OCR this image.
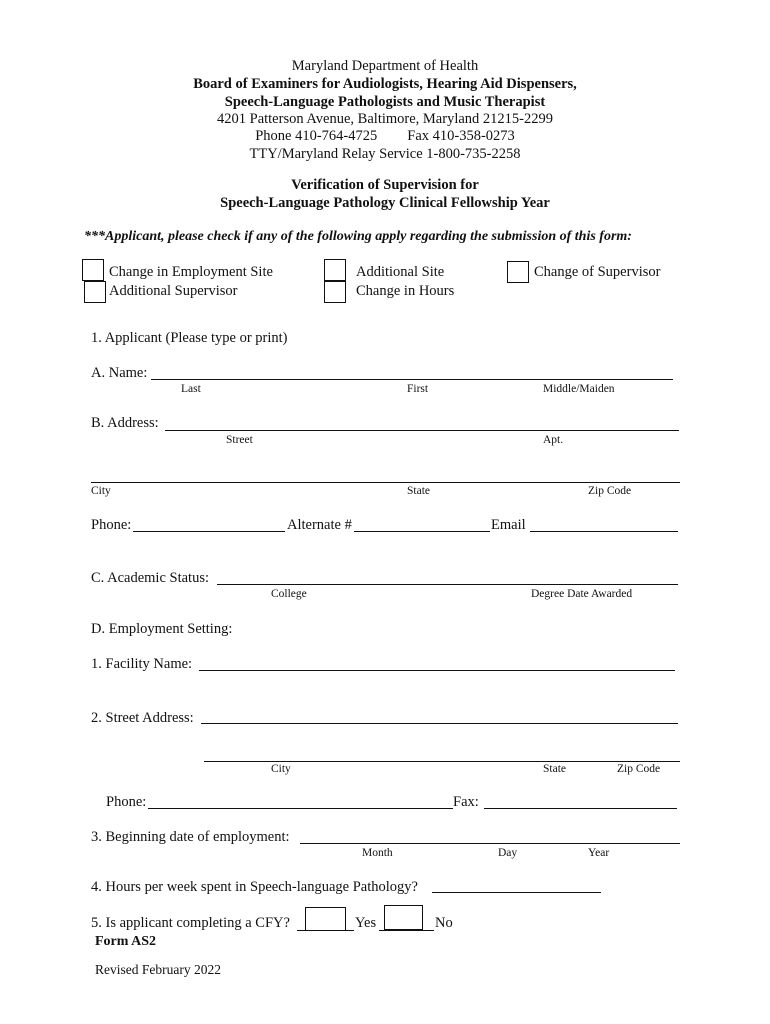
Maryland Department of Health
Board of Examiners for Audiologists, Hearing Aid Dispensers,
Speech-Language Pathologists and Music Therapist
4201 Patterson Avenue, Baltimore, Maryland 21215-2299
Phone 410-764-4725 Fax 410-358-0273
TTY/Maryland Relay Service 1-800-735-2258
Verification of Supervision for
Speech-Language Pathology Clinical Fellowship Year
***Applicant, please check if any of the following apply regarding the submission of this form:
Change in Employment Site
Additional Supervisor
Additional Site
Change in Hours
Change of Supervisor
1. Applicant (Please type or print)
A. Name:
Last	First	Middle/Maiden
B. Address:
Street	Apt.
City	State	Zip Code
Phone:	Alternate #	Email
C. Academic Status:
College	Degree Date Awarded
D. Employment Setting:
1. Facility Name:
2. Street Address:
City	State	Zip Code
Phone:	Fax:
3. Beginning date of employment:
Month	Day	Year
4. Hours per week spent in Speech-language Pathology?
5. Is applicant completing a CFY?	Yes	No
Form AS2
Revised February 2022
